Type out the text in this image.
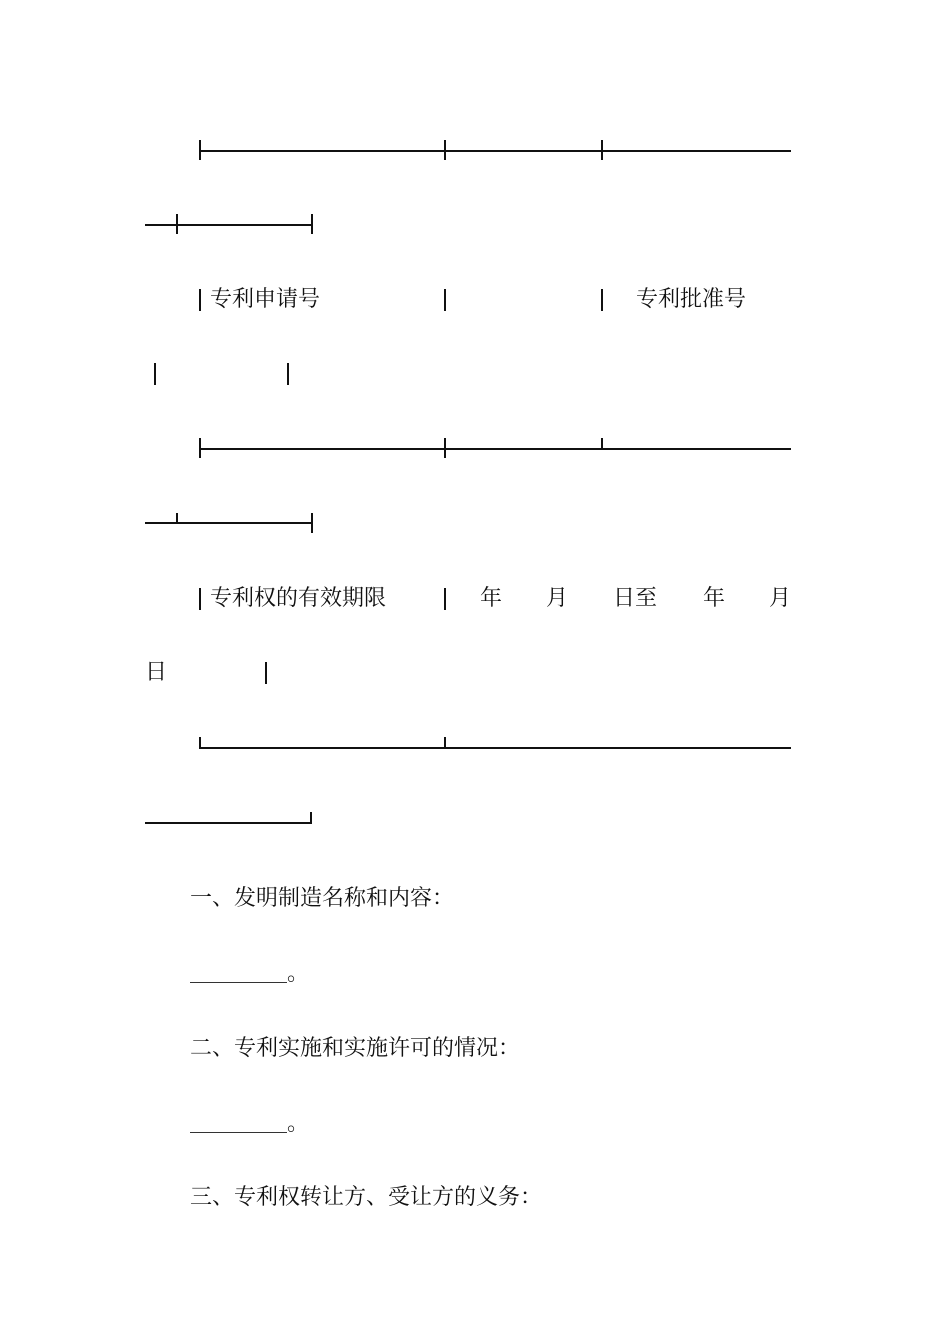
专利申请号	专利批准号
专利权的有效期限	年 月 日至 年 月
日
一、发明制造名称和内容：
。
二、专利实施和实施许可的情况：
。
三、专利权转让方、受让方的义务：
